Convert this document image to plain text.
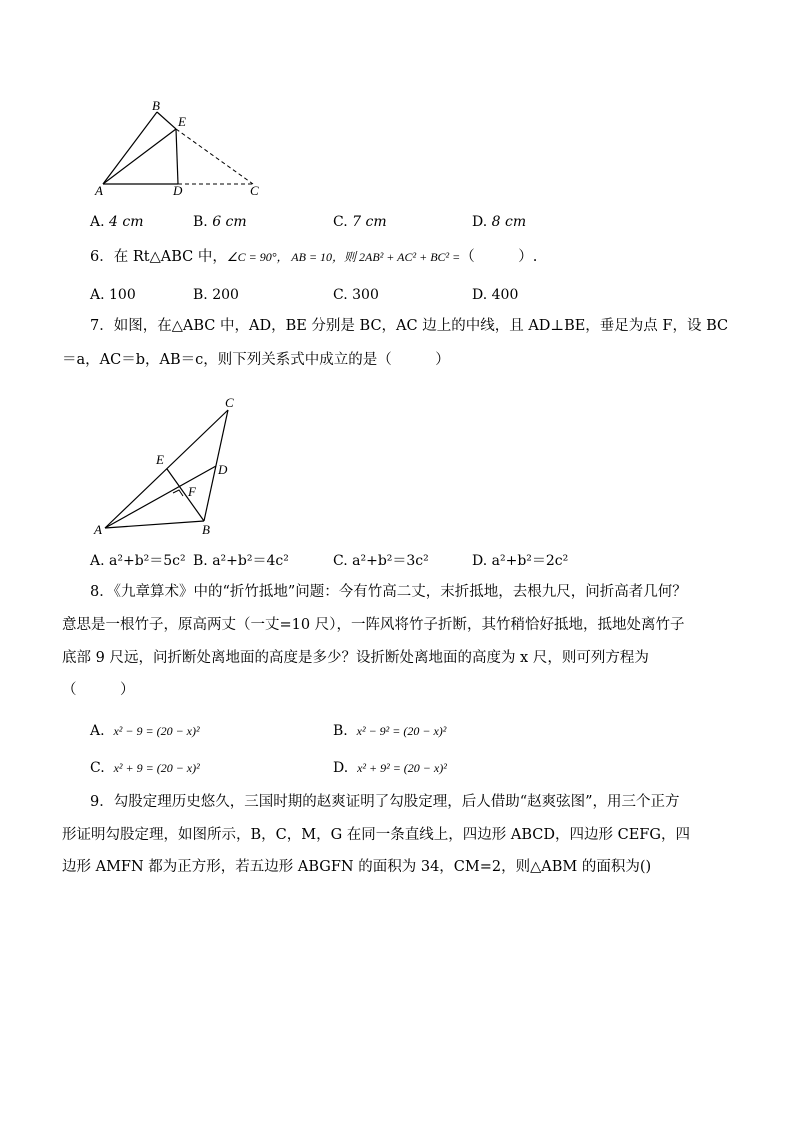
B
E
A	D	C
A. 4 cm	B. 6 cm	C. 7 cm	D. 8 cm
6．在 Rt△ABC 中，∠C = 90°， AB = 10，则 2AB² + AC² + BC² =（　　　）.
A. 100	B. 200	C. 300	D. 400
7．如图，在△ABC 中，AD，BE 分别是 BC，AC 边上的中线，且 AD⊥BE，垂足为点 F，设 BC
＝a，AC＝b，AB＝c，则下列关系式中成立的是（　　　）
C
E
D
F
A	B
A. a²+b²＝5c² B. a²+b²＝4c²	C. a²+b²＝3c²	D. a²+b²＝2c²
8．《九章算术》中的“折竹抵地”问题：今有竹高二丈，末折抵地，去根九尺，问折高者几何？
意思是一根竹子，原高两丈（一丈=10 尺），一阵风将竹子折断，其竹稍恰好抵地，抵地处离竹子
底部 9 尺远，问折断处离地面的高度是多少？设折断处离地面的高度为 x 尺，则可列方程为
（　　　）
A. x² − 9 = (20 − x)²	B. x² − 9² = (20 − x)²
C. x² + 9 = (20 − x)²	D. x² + 9² = (20 − x)²
9．勾股定理历史悠久，三国时期的赵爽证明了勾股定理，后人借助“赵爽弦图”，用三个正方
形证明勾股定理，如图所示，B，C，M，G 在同一条直线上，四边形 ABCD，四边形 CEFG，四
边形 AMFN 都为正方形，若五边形 ABGFN 的面积为 34，CM=2，则△ABM 的面积为()
